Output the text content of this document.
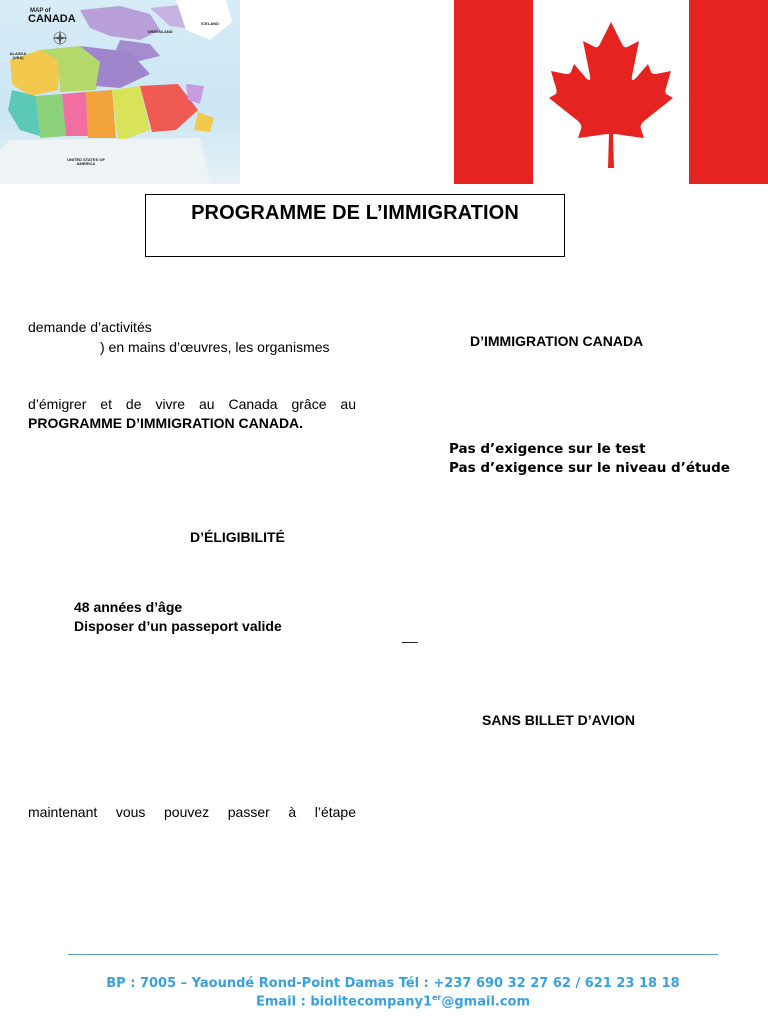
MAP of
CANADA
ALASKA (USA)
GREENLAND
ICELAND
UNITED STATES OF AMERICA
PROGRAMME DE L’IMMIGRATION
demande d’activités
) en mains d’œuvres, les organismes
d’émigrer et de vivre au Canada grâce au
PROGRAMME D’IMMIGRATION CANADA.
D’ÉLIGIBILITÉ
48 années d’âge
Disposer d’un passeport valide
maintenant vous pouvez passer à l’étape
D’IMMIGRATION CANADA
Pas d’exigence sur le test
Pas d’exigence sur le niveau d’étude
__
SANS BILLET D’AVION
BP : 7005 – Yaoundé Rond-Point Damas Tél : +237 690 32 27 62 / 621 23 18 18
Email : biolitecompany1er@gmail.com
